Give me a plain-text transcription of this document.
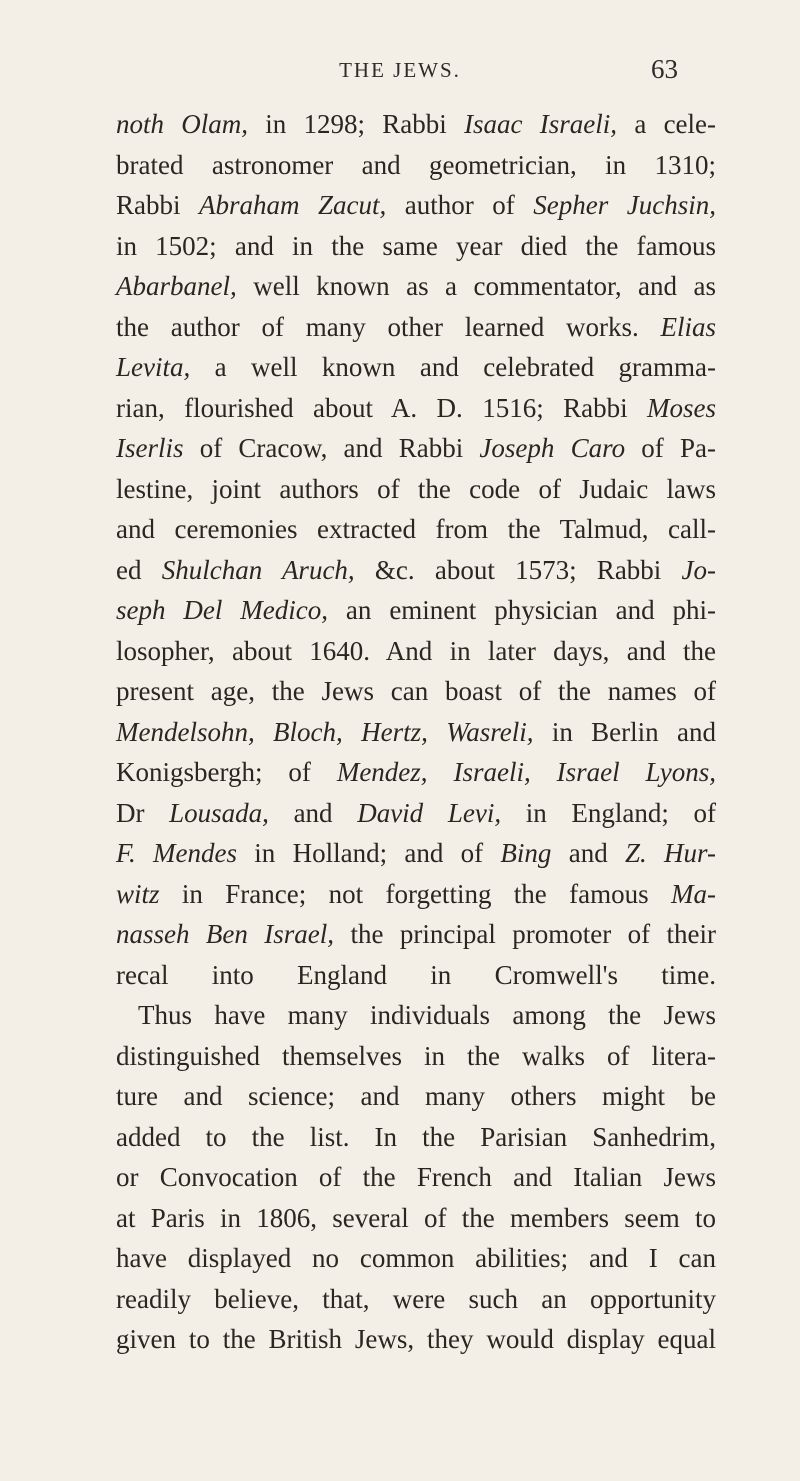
THE JEWS.	63
noth Olam, in 1298; Rabbi Isaac Israeli, a cele-
brated astronomer and geometrician, in 1310;
Rabbi Abraham Zacut, author of Sepher Juchsin,
in 1502; and in the same year died the famous
Abarbanel, well known as a commentator, and as
the author of many other learned works. Elias
Levita, a well known and celebrated gramma-
rian, flourished about A. D. 1516; Rabbi Moses
Iserlis of Cracow, and Rabbi Joseph Caro of Pa-
lestine, joint authors of the code of Judaic laws
and ceremonies extracted from the Talmud, call-
ed Shulchan Aruch, &c. about 1573; Rabbi Jo-
seph Del Medico, an eminent physician and phi-
losopher, about 1640. And in later days, and the
present age, the Jews can boast of the names of
Mendelsohn, Bloch, Hertz, Wasreli, in Berlin and
Konigsbergh; of Mendez, Israeli, Israel Lyons,
Dr Lousada, and David Levi, in England; of
F. Mendes in Holland; and of Bing and Z. Hur-
witz in France; not forgetting the famous Ma-
nasseh Ben Israel, the principal promoter of their
recal into England in Cromwell's time.
Thus have many individuals among the Jews
distinguished themselves in the walks of litera-
ture and science; and many others might be
added to the list. In the Parisian Sanhedrim,
or Convocation of the French and Italian Jews
at Paris in 1806, several of the members seem to
have displayed no common abilities; and I can
readily believe, that, were such an opportunity
given to the British Jews, they would display equal
